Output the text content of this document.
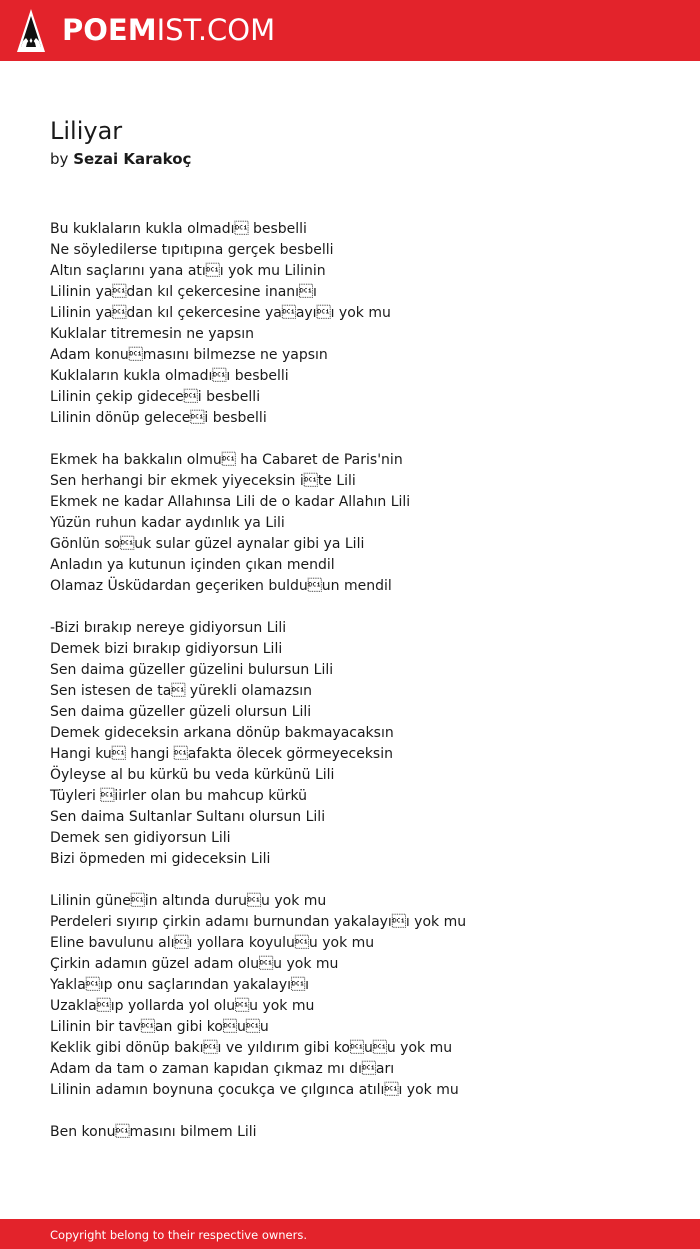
POEMIST.COM
Liliyar
by Sezai Karakoç
Bu kuklaların kukla olmadı besbelli
Ne söyledilerse tıpıtıpına gerçek besbelli
Altın saçlarını yana atıı yok mu Lilinin
Lilinin yadan kıl çekercesine inanıı
Lilinin yadan kıl çekercesine yaayıı yok mu
Kuklalar titremesin ne yapsın
Adam konumasını bilmezse ne yapsın
Kuklaların kukla olmadıı besbelli
Lilinin çekip gidecei besbelli
Lilinin dönüp gelecei besbelli
Ekmek ha bakkalın olmu ha Cabaret de Paris'nin
Sen herhangi bir ekmek yiyeceksin ite Lili
Ekmek ne kadar Allahınsa Lili de o kadar Allahın Lili
Yüzün ruhun kadar aydınlık ya Lili
Gönlün souk sular güzel aynalar gibi ya Lili
Anladın ya kutunun içinden çıkan mendil
Olamaz Üsküdardan geçeriken bulduun mendil
-Bizi bırakıp nereye gidiyorsun Lili
Demek bizi bırakıp gidiyorsun Lili
Sen daima güzeller güzelini bulursun Lili
Sen istesen de ta yürekli olamazsın
Sen daima güzeller güzeli olursun Lili
Demek gideceksin arkana dönüp bakmayacaksın
Hangi ku hangi afakta ölecek görmeyeceksin
Öyleyse al bu kürkü bu veda kürkünü Lili
Tüyleri iirler olan bu mahcup kürkü
Sen daima Sultanlar Sultanı olursun Lili
Demek sen gidiyorsun Lili
Bizi öpmeden mi gideceksin Lili
Lilinin günein altında duruu yok mu
Perdeleri sıyırıp çirkin adamı burnundan yakalayıı yok mu
Eline bavulunu alıı yollara koyuluu yok mu
Çirkin adamın güzel adam oluu yok mu
Yaklaıp onu saçlarından yakalayıı
Uzaklaıp yollarda yol oluu yok mu
Lilinin bir tavan gibi kouu
Keklik gibi dönüp bakıı ve yıldırım gibi kouu yok mu
Adam da tam o zaman kapıdan çıkmaz mı dıarı
Lilinin adamın boynuna çocukça ve çılgınca atılıı yok mu
Ben konumasını bilmem Lili
Copyright belong to their respective owners.
